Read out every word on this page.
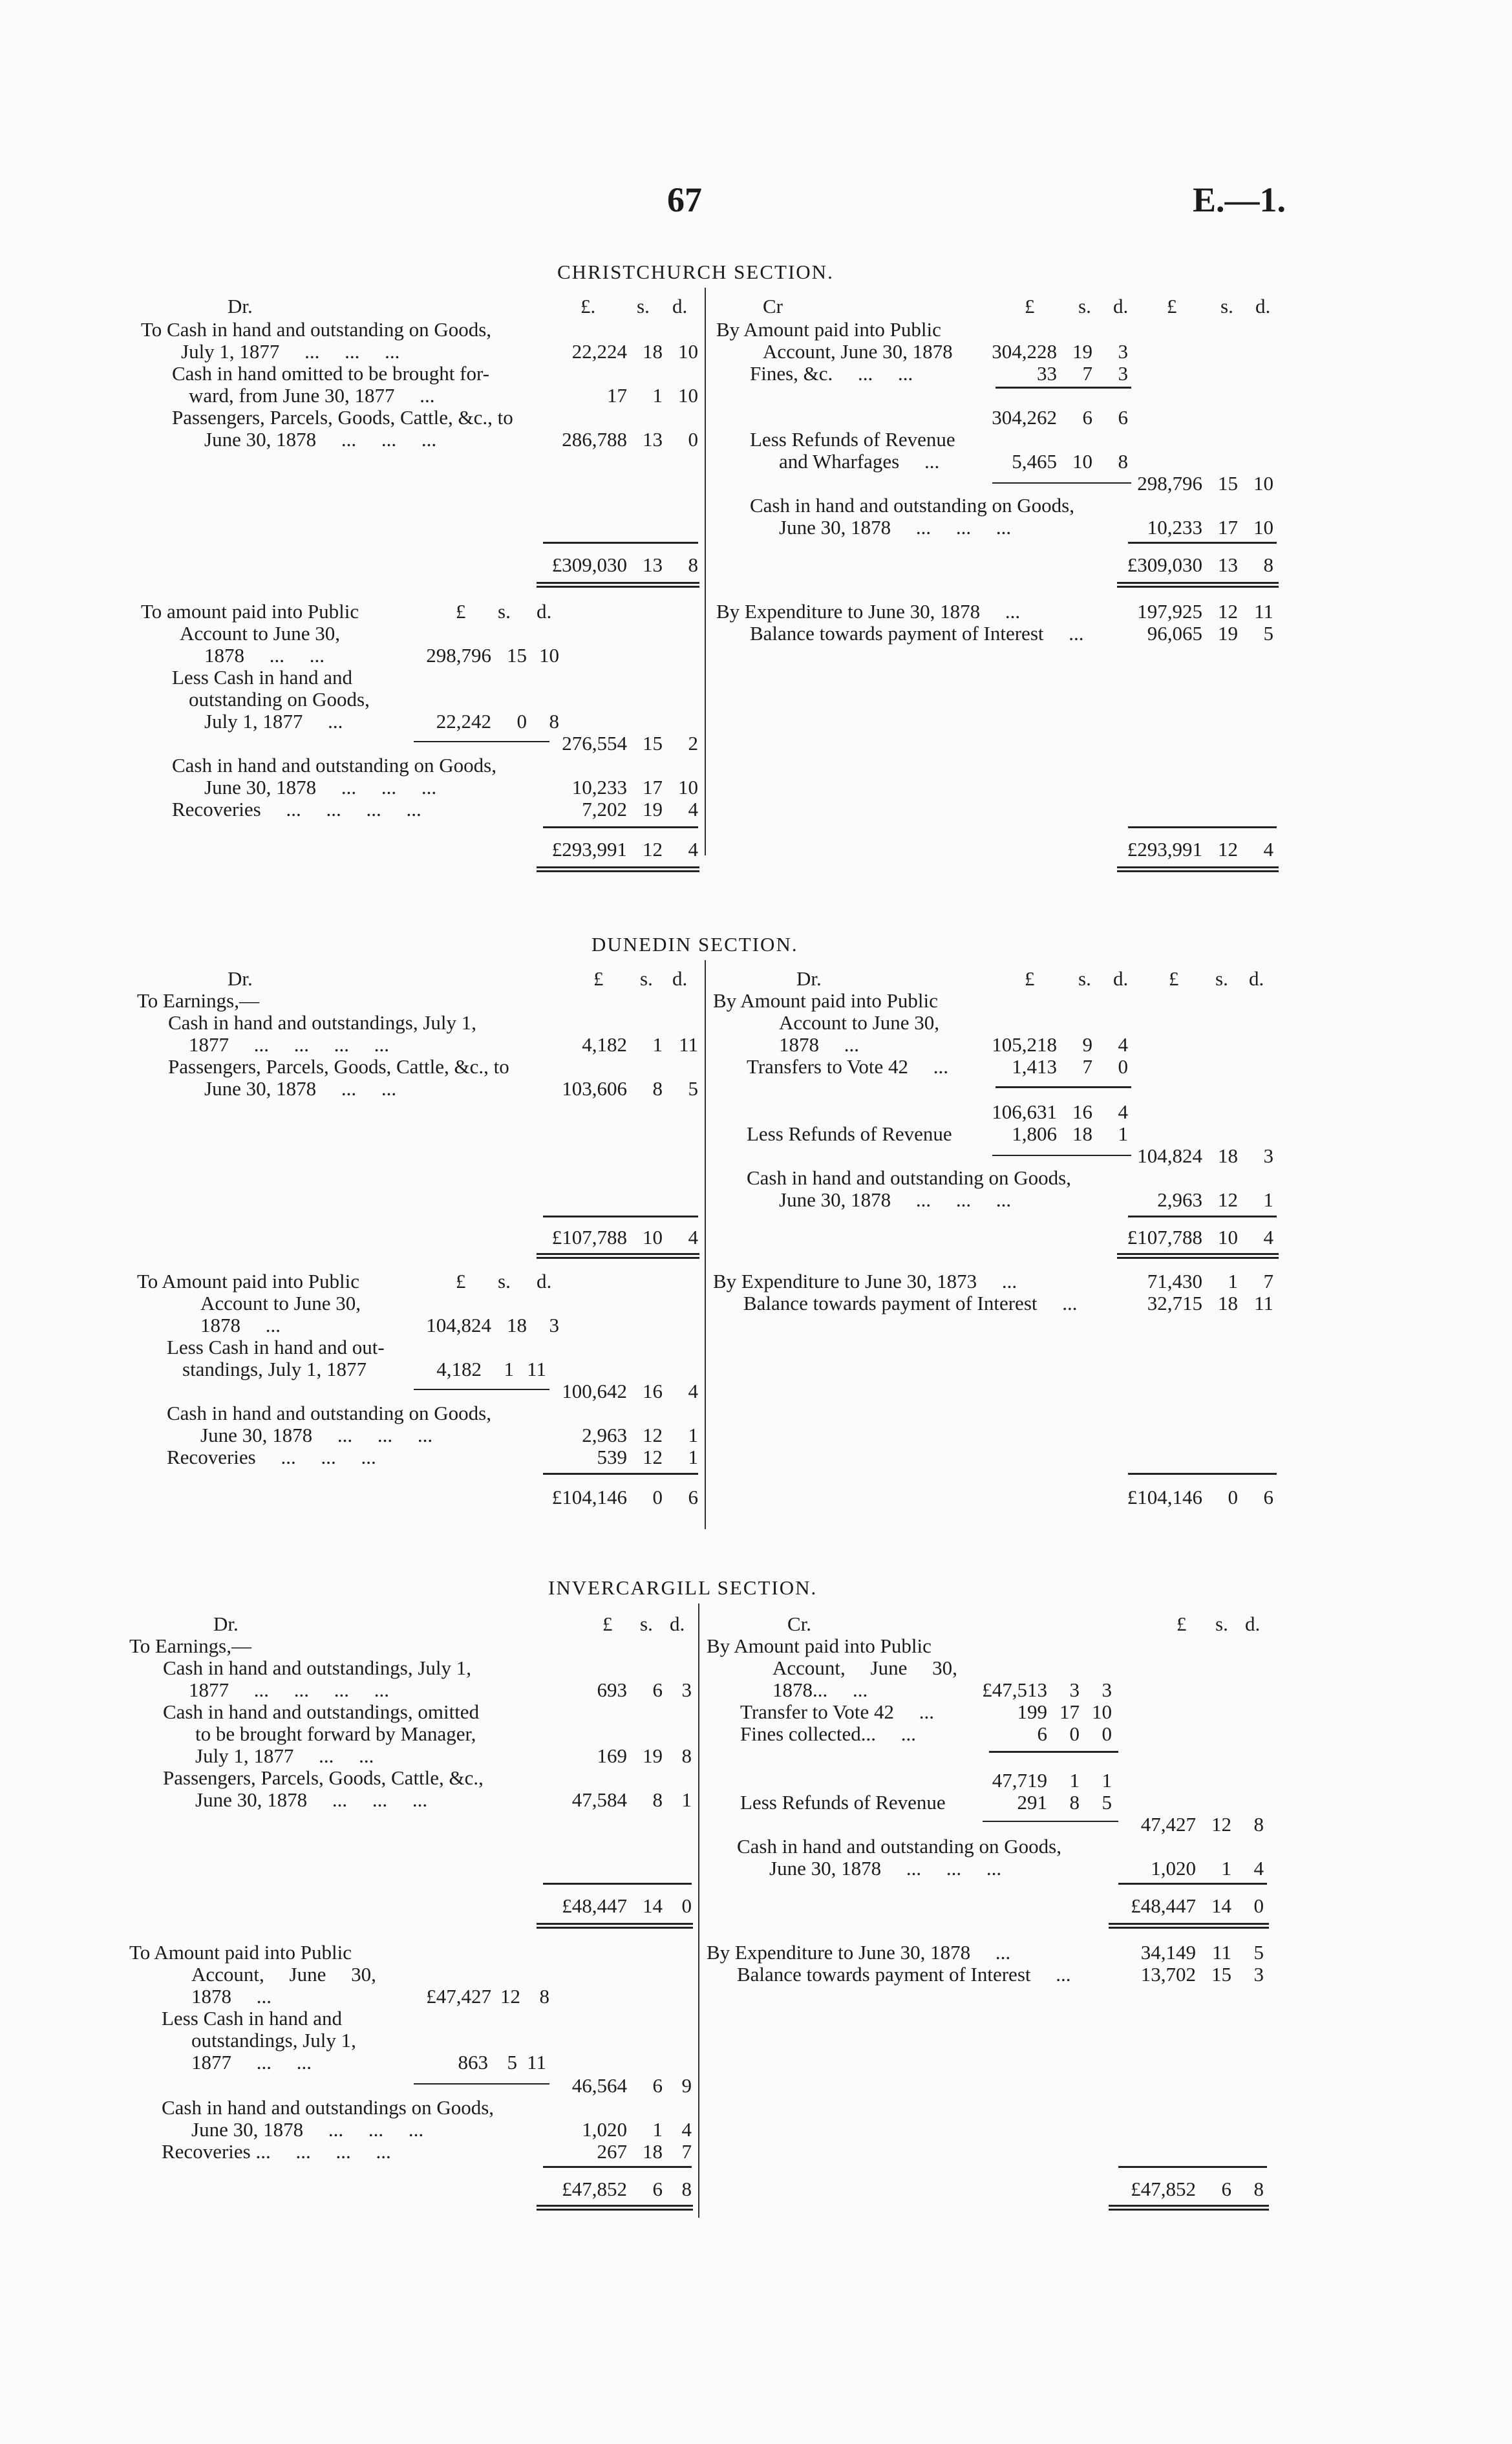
67	E.—1.
CHRISTCHURCH SECTION.
Dr.	£. s. d.
To Cash in hand and outstanding on Goods,
July 1, 1877     ...     ...     ...	22,224 18 10
Cash in hand omitted to be brought for-
ward, from June 30, 1877     ...	17	1 10
Passengers, Parcels, Goods, Cattle, &c., to
June 30, 1878     ...     ...     ...	286,788 13	0
£309,030 13	8
Cr	£ s. d. £ s. d.
By Amount paid into Public
Account, June 30, 1878 304,228 19	3
Fines, &c.     ...     ...	33	7	3
304,262	6	6
Less Refunds of Revenue
and Wharfages     ...	5,465 10	8
298,796 15 10
Cash in hand and outstanding on Goods,
June 30, 1878     ...     ...     ...	10,233 17 10
£309,030 13	8
To amount paid into Public	£ s. d.
Account to June 30,
1878     ...     ...	298,796 15 10
Less Cash in hand and
outstanding on Goods,
July 1, 1877     ...	22,242	0	8
276,554 15	2
Cash in hand and outstanding on Goods,
June 30, 1878     ...     ...     ...	10,233 17 10
Recoveries     ...     ...     ...     ...	7,202 19	4
£293,991 12	4
By Expenditure to June 30, 1878     ...	197,925 12 11
Balance towards payment of Interest     ...	96,065 19	5
£293,991 12	4
DUNEDIN SECTION.
Dr.	£ s. d.
To Earnings,—
Cash in hand and outstandings, July 1,
1877     ...     ...     ...     ...	4,182	1 11
Passengers, Parcels, Goods, Cattle, &c., to
June 30, 1878     ...     ...	103,606	8	5
£107,788 10	4
Dr.	£ s. d. £ s. d.
By Amount paid into Public
Account to June 30,
1878     ...	105,218	9	4
Transfers to Vote 42     ...	1,413	7	0
106,631 16	4
Less Refunds of Revenue	1,806 18	1
104,824 18	3
Cash in hand and outstanding on Goods,
June 30, 1878     ...     ...     ...	2,963 12	1
£107,788 10	4
To Amount paid into Public	£ s. d.
Account to June 30,
1878     ...	104,824 18	3
Less Cash in hand and out-
standings, July 1, 1877	4,182	1 11
100,642 16	4
Cash in hand and outstanding on Goods,
June 30, 1878     ...     ...     ...	2,963 12	1
Recoveries     ...     ...     ...	539 12	1
£104,146	0	6
By Expenditure to June 30, 1873     ...	71,430	1	7
Balance towards payment of Interest     ...	32,715 18 11
£104,146	0	6
INVERCARGILL SECTION.
Dr.	£ s. d.
To Earnings,—
Cash in hand and outstandings, July 1,
1877     ...     ...     ...     ...	693	6 3
Cash in hand and outstandings, omitted
to be brought forward by Manager,
July 1, 1877     ...     ...	169 19 8
Passengers, Parcels, Goods, Cattle, &c.,
June 30, 1878     ...     ...     ...	47,584	8 1
£48,447 14 0
Cr.	£ s. d.
By Amount paid into Public
Account,     June     30,
1878...     ...	£47,513	3	3
Transfer to Vote 42     ...	199 17 10
Fines collected...     ...	6	0	0
47,719	1	1
Less Refunds of Revenue	291	8	5
47,427 12	8
Cash in hand and outstanding on Goods,
June 30, 1878     ...     ...     ...	1,020	1	4
£48,447 14	0
To Amount paid into Public
Account,     June     30,
1878     ...	£47,427 12 8
Less Cash in hand and
outstandings, July 1,
1877     ...     ...	863 5 11
46,564	6 9
Cash in hand and outstandings on Goods,
June 30, 1878     ...     ...     ...	1,020	1 4
Recoveries ...     ...     ...     ...	267 18 7
£47,852	6 8
By Expenditure to June 30, 1878     ...	34,149 11	5
Balance towards payment of Interest     ...	13,702 15	3
£47,852	6	8
